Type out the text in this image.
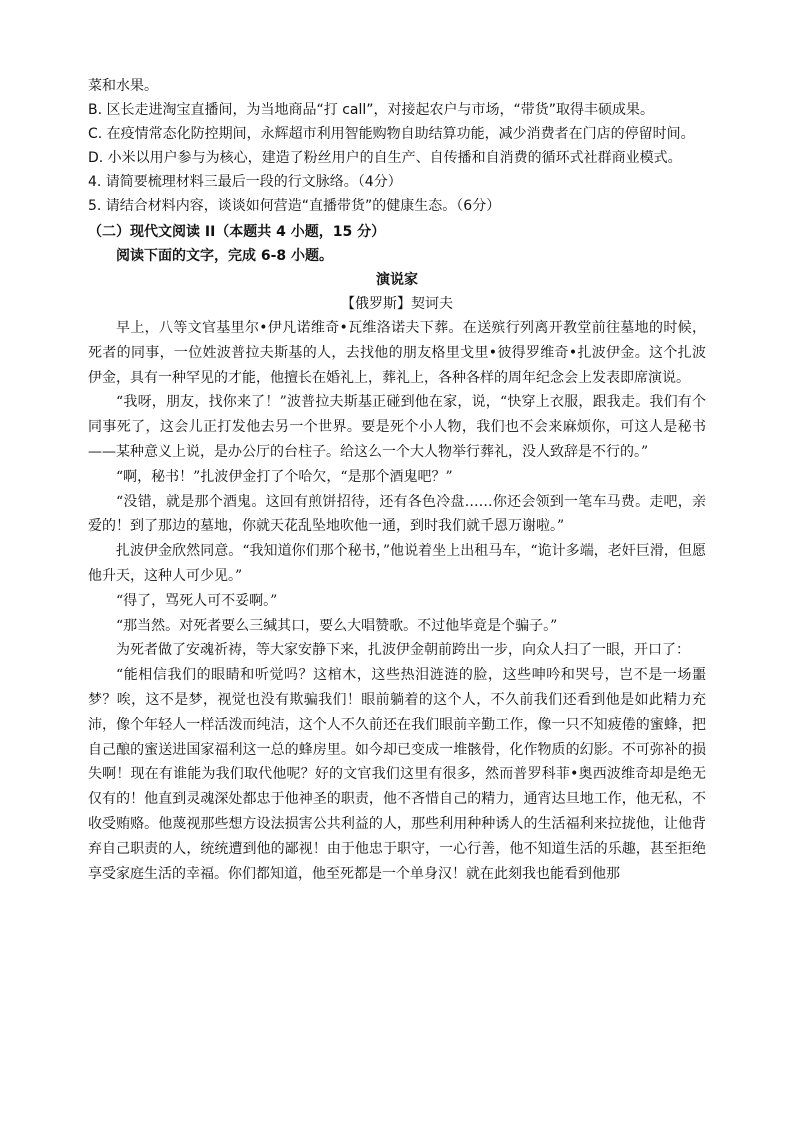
菜和水果。

B. 区长走进淘宝直播间，为当地商品“打 call”，对接起农户与市场，“带货”取得丰硕成果。

C. 在疫情常态化防控期间，永辉超市利用智能购物自助结算功能，减少消费者在门店的停留时间。

D. 小米以用户参与为核心，建造了粉丝用户的自生产、自传播和自消费的循环式社群商业模式。

4. 请简要梳理材料三最后一段的行文脉络。（4分）

5. 请结合材料内容，谈谈如何营造“直播带货”的健康生态。（6分）

（二）现代文阅读 II（本题共 4 小题，15 分）

阅读下面的文字，完成 6-8 小题。

演说家

【俄罗斯】契诃夫

早上，八等文官基里尔•伊凡诺维奇•瓦维洛诺夫下葬。在送殡行列离开教堂前往墓地的时候，死者的同事，一位姓波普拉夫斯基的人，去找他的朋友格里戈里•彼得罗维奇•扎波伊金。这个扎波伊金，具有一种罕见的才能，他擅长在婚礼上，葬礼上，各种各样的周年纪念会上发表即席演说。

“我呀，朋友，找你来了！”波普拉夫斯基正碰到他在家，说，“快穿上衣服，跟我走。我们有个同事死了，这会儿正打发他去另一个世界。要是死个小人物，我们也不会来麻烦你，可这人是秘书——某种意义上说，是办公厅的台柱子。给这么一个大人物举行葬礼，没人致辞是不行的。”

“啊，秘书！”扎波伊金打了个哈欠，“是那个酒鬼吧？”

“没错，就是那个酒鬼。这回有煎饼招待，还有各色冷盘……你还会领到一笔车马费。走吧，亲爱的！到了那边的墓地，你就天花乱坠地吹他一通，到时我们就千恩万谢啦。”

扎波伊金欣然同意。“我知道你们那个秘书，”他说着坐上出租马车，“诡计多端，老奸巨滑，但愿他升天，这种人可少见。”

“得了，骂死人可不妥啊。”

“那当然。对死者要么三缄其口，要么大唱赞歌。不过他毕竟是个骗子。”

为死者做了安魂祈祷，等大家安静下来，扎波伊金朝前跨出一步，向众人扫了一眼，开口了：

“能相信我们的眼睛和听觉吗？这棺木，这些热泪涟涟的脸，这些呻吟和哭号，岂不是一场噩梦？唉，这不是梦，视觉也没有欺骗我们！眼前躺着的这个人，不久前我们还看到他是如此精力充沛，像个年轻人一样活泼而纯洁，这个人不久前还在我们眼前辛勤工作，像一只不知疲倦的蜜蜂，把自己酿的蜜送进国家福利这一总的蜂房里。如今却已变成一堆骸骨，化作物质的幻影。不可弥补的损失啊！现在有谁能为我们取代他呢？好的文官我们这里有很多，然而普罗科菲•奥西波维奇却是绝无仅有的！他直到灵魂深处都忠于他神圣的职责，他不吝惜自己的精力，通宵达旦地工作，他无私，不收受贿赂。他蔑视那些想方设法损害公共利益的人，那些利用种种诱人的生活福利来拉拢他，让他背弃自己职责的人，统统遭到他的鄙视！由于他忠于职守，一心行善，他不知道生活的乐趣，甚至拒绝享受家庭生活的幸福。你们都知道，他至死都是一个单身汉！就在此刻我也能看到他那
